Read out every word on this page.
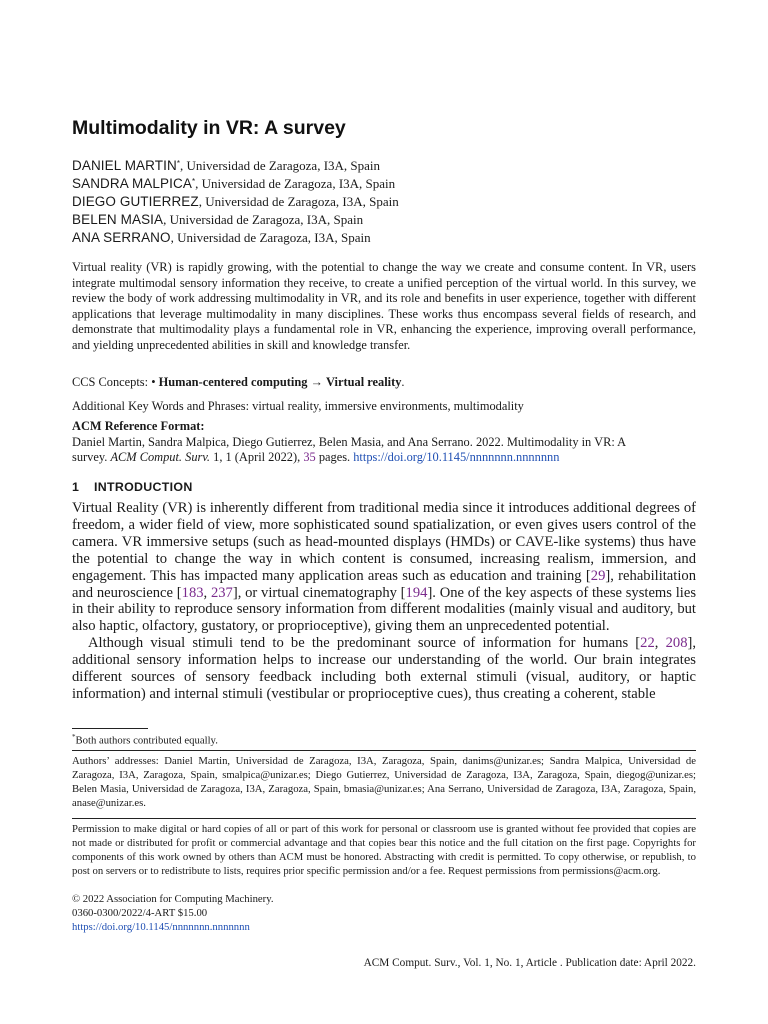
Multimodality in VR: A survey
DANIEL MARTIN*, Universidad de Zaragoza, I3A, Spain
SANDRA MALPICA*, Universidad de Zaragoza, I3A, Spain
DIEGO GUTIERREZ, Universidad de Zaragoza, I3A, Spain
BELEN MASIA, Universidad de Zaragoza, I3A, Spain
ANA SERRANO, Universidad de Zaragoza, I3A, Spain

Virtual reality (VR) is rapidly growing, with the potential to change the way we create and consume content. In VR, users integrate multimodal sensory information they receive, to create a unified perception of the virtual world. In this survey, we review the body of work addressing multimodality in VR, and its role and benefits in user experience, together with different applications that leverage multimodality in many disciplines. These works thus encompass several fields of research, and demonstrate that multimodality plays a fundamental role in VR, enhancing the experience, improving overall performance, and yielding unprecedented abilities in skill and knowledge transfer.

CCS Concepts: • Human-centered computing → Virtual reality.
Additional Key Words and Phrases: virtual reality, immersive environments, multimodality
ACM Reference Format:
Daniel Martin, Sandra Malpica, Diego Gutierrez, Belen Masia, and Ana Serrano. 2022. Multimodality in VR: A
survey. ACM Comput. Surv. 1, 1 (April 2022), 35 pages. https://doi.org/10.1145/nnnnnnn.nnnnnnn
1 INTRODUCTION

Virtual Reality (VR) is inherently different from traditional media since it introduces additional degrees of freedom, a wider field of view, more sophisticated sound spatialization, or even gives users control of the camera. VR immersive setups (such as head-mounted displays (HMDs) or CAVE-like systems) thus have the potential to change the way in which content is consumed, increasing realism, immersion, and engagement. This has impacted many application areas such as education and training [29], rehabilitation and neuroscience [183, 237], or virtual cinematography [194]. One of the key aspects of these systems lies in their ability to reproduce sensory information from different modalities (mainly visual and auditory, but also haptic, olfactory, gustatory, or proprioceptive), giving them an unprecedented potential.

Although visual stimuli tend to be the predominant source of information for humans [22, 208], additional sensory information helps to increase our understanding of the world. Our brain integrates different sources of sensory feedback including both external stimuli (visual, auditory, or haptic information) and internal stimuli (vestibular or proprioceptive cues), thus creating a coherent, stable

*Both authors contributed equally.

Authors’ addresses: Daniel Martin, Universidad de Zaragoza, I3A, Zaragoza, Spain, danims@unizar.es; Sandra Malpica, Universidad de Zaragoza, I3A, Zaragoza, Spain, smalpica@unizar.es; Diego Gutierrez, Universidad de Zaragoza, I3A, Zaragoza, Spain, diegog@unizar.es; Belen Masia, Universidad de Zaragoza, I3A, Zaragoza, Spain, bmasia@unizar.es; Ana Serrano, Universidad de Zaragoza, I3A, Zaragoza, Spain, anase@unizar.es.

Permission to make digital or hard copies of all or part of this work for personal or classroom use is granted without fee provided that copies are not made or distributed for profit or commercial advantage and that copies bear this notice and the full citation on the first page. Copyrights for components of this work owned by others than ACM must be honored. Abstracting with credit is permitted. To copy otherwise, or republish, to post on servers or to redistribute to lists, requires prior specific permission and/or a fee. Request permissions from permissions@acm.org.

© 2022 Association for Computing Machinery.

0360-0300/2022/4-ART $15.00

https://doi.org/10.1145/nnnnnnn.nnnnnnn

ACM Comput. Surv., Vol. 1, No. 1, Article . Publication date: April 2022.
